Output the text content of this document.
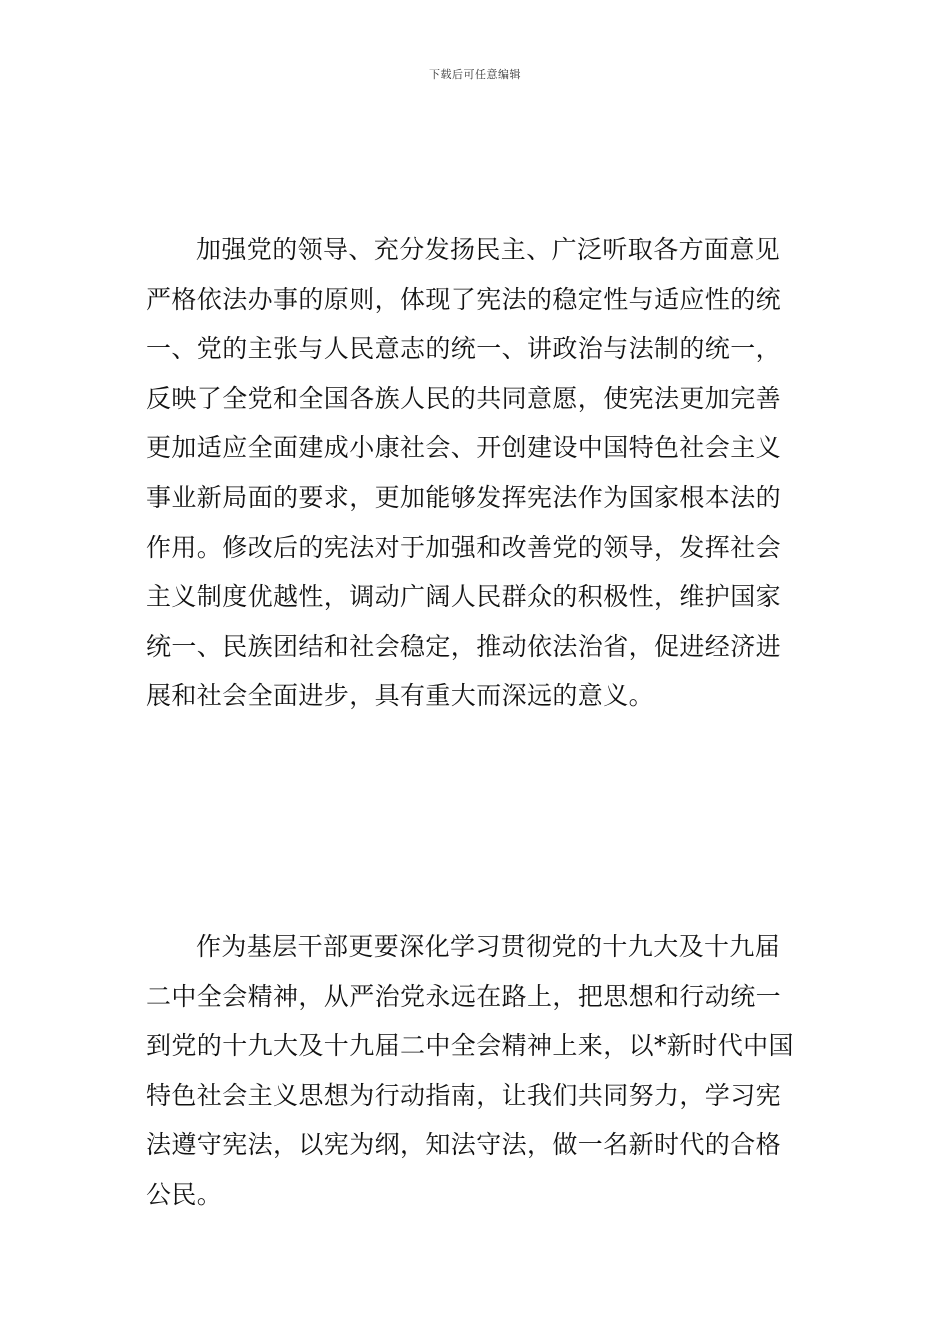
下载后可任意编辑
加强党的领导、充分发扬民主、广泛听取各方面意见
严格依法办事的原则，体现了宪法的稳定性与适应性的统
一、党的主张与人民意志的统一、讲政治与法制的统一，
反映了全党和全国各族人民的共同意愿，使宪法更加完善
更加适应全面建成小康社会、开创建设中国特色社会主义
事业新局面的要求，更加能够发挥宪法作为国家根本法的
作用。修改后的宪法对于加强和改善党的领导，发挥社会
主义制度优越性，调动广阔人民群众的积极性，维护国家
统一、民族团结和社会稳定，推动依法治省，促进经济进
展和社会全面进步，具有重大而深远的意义。
作为基层干部更要深化学习贯彻党的十九大及十九届
二中全会精神，从严治党永远在路上，把思想和行动统一
到党的十九大及十九届二中全会精神上来，以*新时代中国
特色社会主义思想为行动指南，让我们共同努力，学习宪
法遵守宪法，以宪为纲，知法守法，做一名新时代的合格
公民。
